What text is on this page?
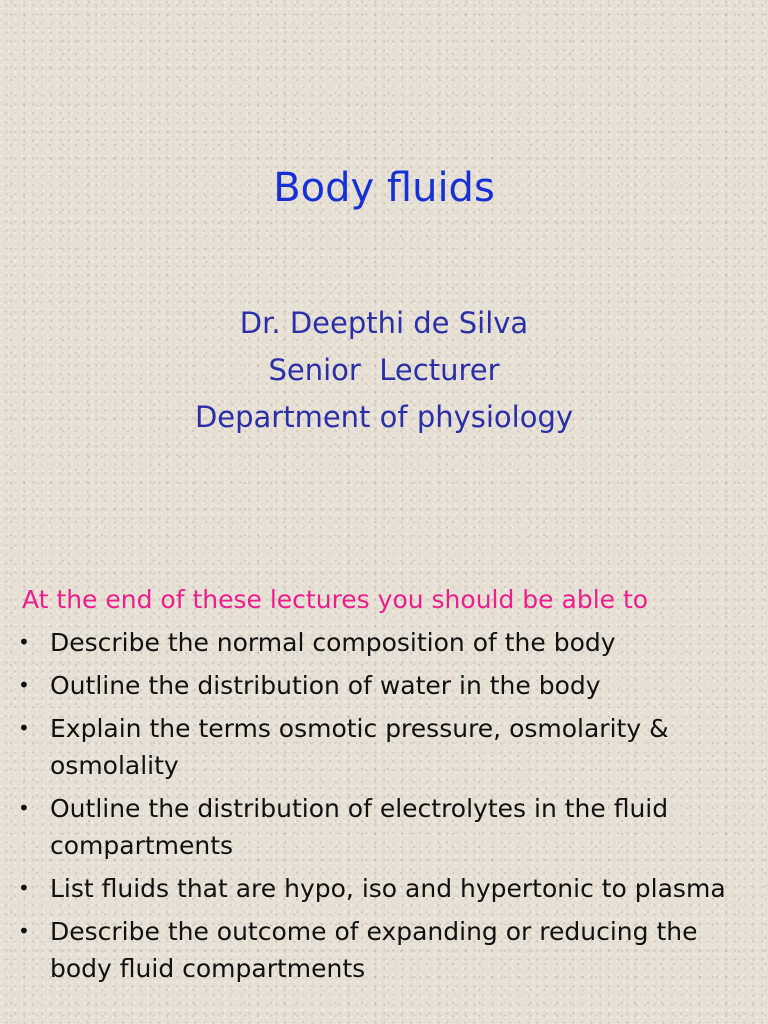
Body fluids
Dr. Deepthi de Silva
Senior  Lecturer
Department of physiology
At the end of these lectures you should be able to
• Describe the normal composition of the body
• Outline the distribution of water in the body
• Explain the terms osmotic pressure, osmolarity & osmolality
• Outline the distribution of electrolytes in the fluid compartments
• List fluids that are hypo, iso and hypertonic to plasma
• Describe the outcome of expanding or reducing the body fluid compartments
